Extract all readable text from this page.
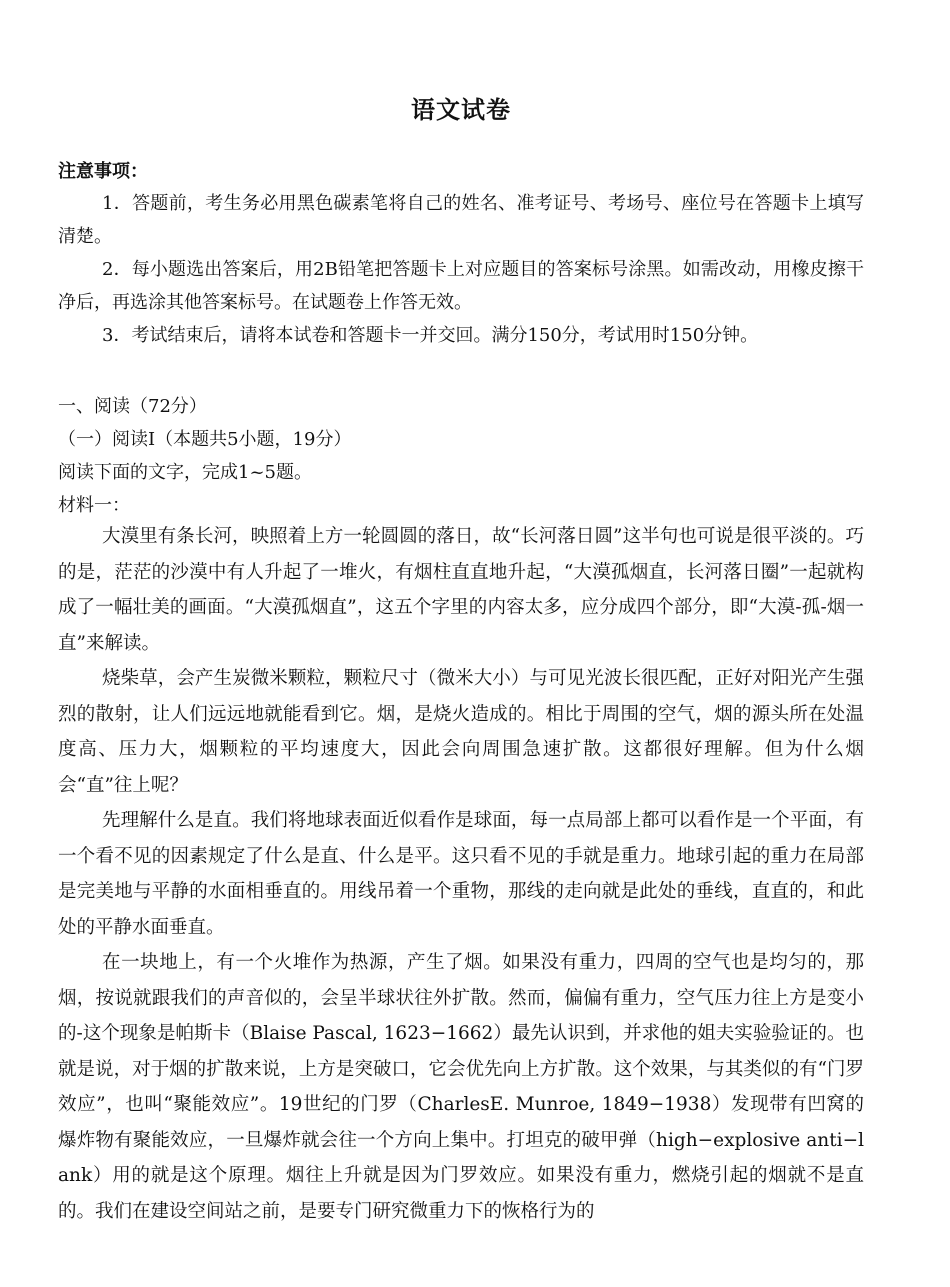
语文试卷
注意事项：

1．答题前，考生务必用黑色碳素笔将自己的姓名、准考证号、考场号、座位号在答题卡上填写清楚。

2．每小题选出答案后，用2B铅笔把答题卡上对应题目的答案标号涂黑。如需改动，用橡皮擦干净后，再选涂其他答案标号。在试题卷上作答无效。

3．考试结束后，请将本试卷和答题卡一并交回。满分150分，考试用时150分钟。

一、阅读（72分）

（一）阅读I（本题共5小题，19分）

阅读下面的文字，完成1~5题。

材料一：

大漠里有条长河，映照着上方一轮圆圆的落日，故“长河落日圆”这半句也可说是很平淡的。巧的是，茫茫的沙漠中有人升起了一堆火，有烟柱直直地升起，“大漠孤烟直，长河落日圈”一起就构成了一幅壮美的画面。“大漠孤烟直”，这五个字里的内容太多，应分成四个部分，即“大漠-孤-烟一直”来解读。

烧柴草，会产生炭微米颗粒，颗粒尺寸（微米大小）与可见光波长很匹配，正好对阳光产生强烈的散射，让人们远远地就能看到它。烟，是烧火造成的。相比于周围的空气，烟的源头所在处温度高、压力大，烟颗粒的平均速度大，因此会向周围急速扩散。这都很好理解。但为什么烟会“直”往上呢？

先理解什么是直。我们将地球表面近似看作是球面，每一点局部上都可以看作是一个平面，有一个看不见的因素规定了什么是直、什么是平。这只看不见的手就是重力。地球引起的重力在局部是完美地与平静的水面相垂直的。用线吊着一个重物，那线的走向就是此处的垂线，直直的，和此处的平静水面垂直。

在一块地上，有一个火堆作为热源，产生了烟。如果没有重力，四周的空气也是均匀的，那烟，按说就跟我们的声音似的，会呈半球状往外扩散。然而，偏偏有重力，空气压力往上方是变小的-这个现象是帕斯卡（Blaise Pascal, 1623−1662）最先认识到，并求他的姐夫实验验证的。也就是说，对于烟的扩散来说，上方是突破口，它会优先向上方扩散。这个效果，与其类似的有“门罗效应”，也叫“聚能效应”。19世纪的门罗（CharlesE. Munroe, 1849−1938）发现带有凹窝的爆炸物有聚能效应，一旦爆炸就会往一个方向上集中。打坦克的破甲弹（high−explosive anti−lank）用的就是这个原理。烟往上升就是因为门罗效应。如果没有重力，燃烧引起的烟就不是直的。我们在建设空间站之前，是要专门研究微重力下的恢格行为的
